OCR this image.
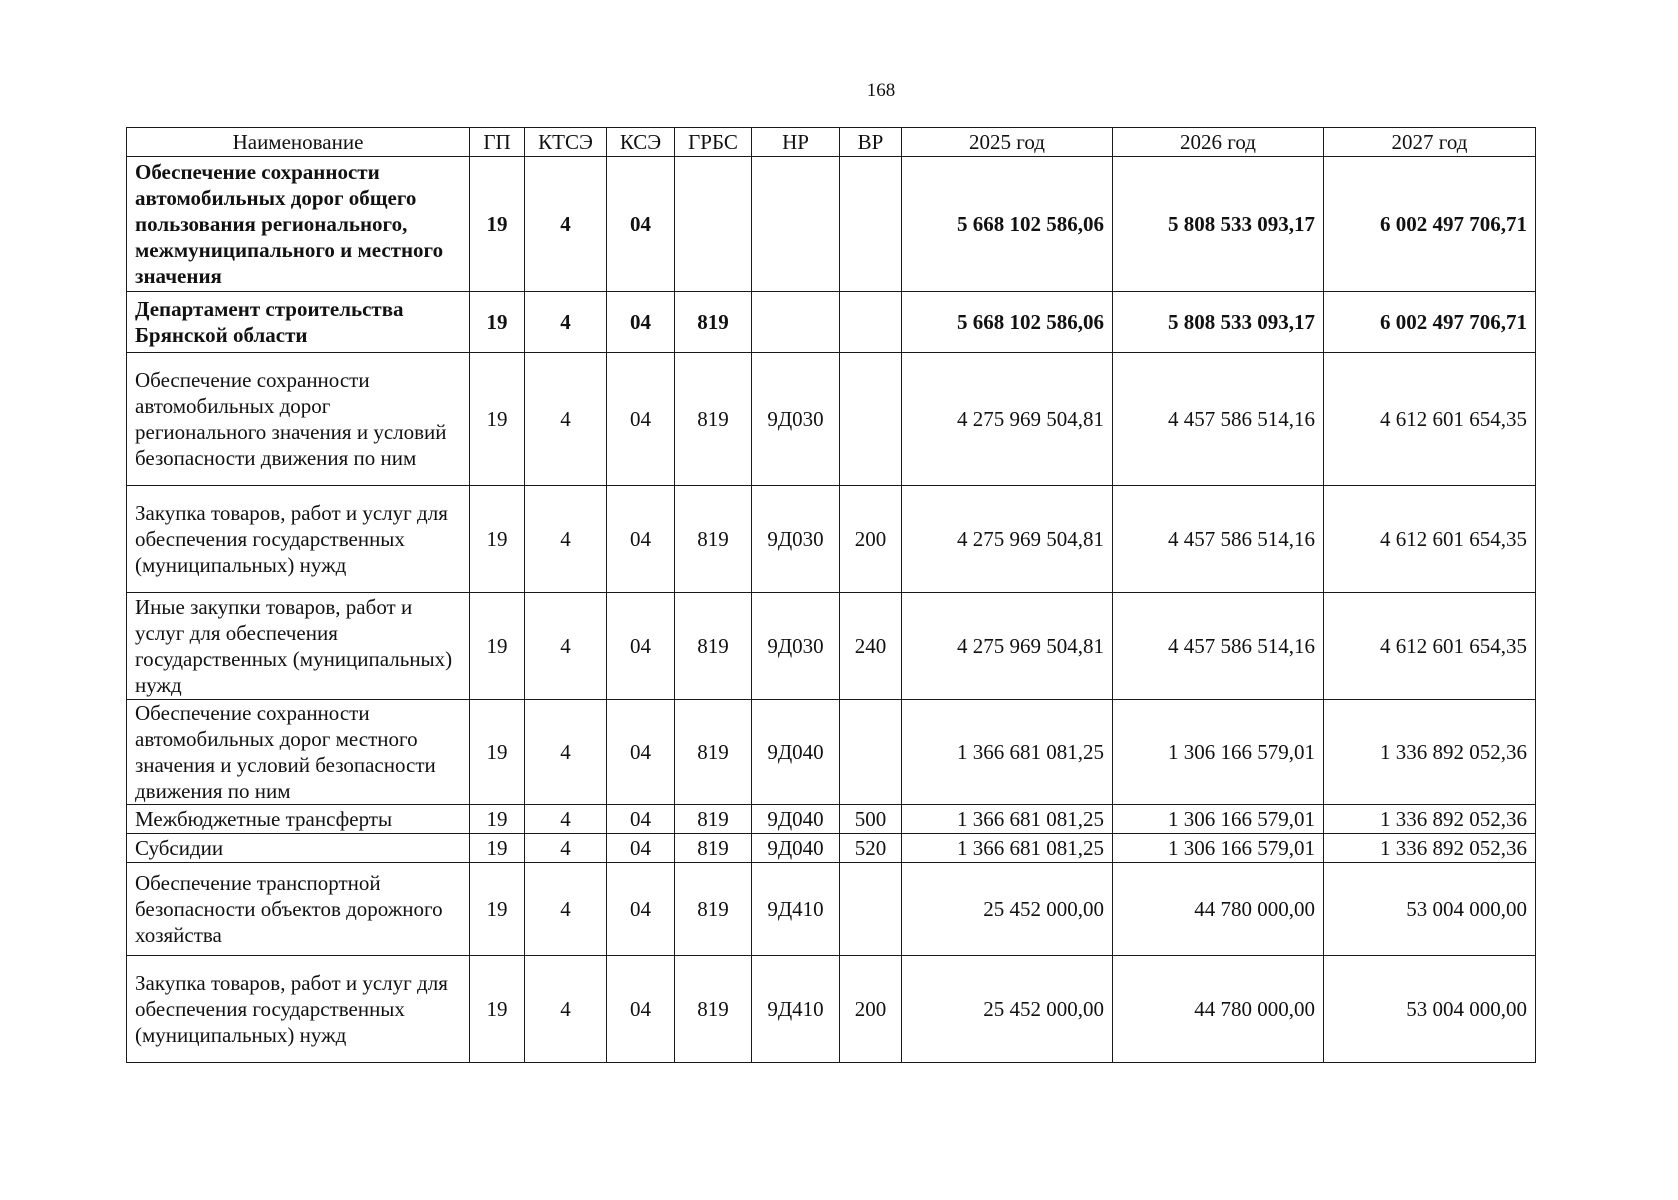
168
Наименование	ГП	КТСЭ	КСЭ	ГРБС	НР	ВР	2025 год	2026 год	2027 год
Обеспечение сохранности автомобильных дорог общего пользования регионального, межмуниципального и местного значения	19	4	04				5 668 102 586,06	5 808 533 093,17	6 002 497 706,71
Департамент строительства Брянской области	19	4	04	819			5 668 102 586,06	5 808 533 093,17	6 002 497 706,71
Обеспечение сохранности автомобильных дорог регионального значения и условий безопасности движения по ним	19	4	04	819	9Д030		4 275 969 504,81	4 457 586 514,16	4 612 601 654,35
Закупка товаров, работ и услуг для обеспечения государственных (муниципальных) нужд	19	4	04	819	9Д030	200	4 275 969 504,81	4 457 586 514,16	4 612 601 654,35
Иные закупки товаров, работ и услуг для обеспечения государственных (муниципальных) нужд	19	4	04	819	9Д030	240	4 275 969 504,81	4 457 586 514,16	4 612 601 654,35
Обеспечение сохранности автомобильных дорог местного значения и условий безопасности движения по ним	19	4	04	819	9Д040		1 366 681 081,25	1 306 166 579,01	1 336 892 052,36
Межбюджетные трансферты	19	4	04	819	9Д040	500	1 366 681 081,25	1 306 166 579,01	1 336 892 052,36
Субсидии	19	4	04	819	9Д040	520	1 366 681 081,25	1 306 166 579,01	1 336 892 052,36
Обеспечение транспортной безопасности объектов дорожного хозяйства	19	4	04	819	9Д410		25 452 000,00	44 780 000,00	53 004 000,00
Закупка товаров, работ и услуг для обеспечения государственных (муниципальных) нужд	19	4	04	819	9Д410	200	25 452 000,00	44 780 000,00	53 004 000,00
